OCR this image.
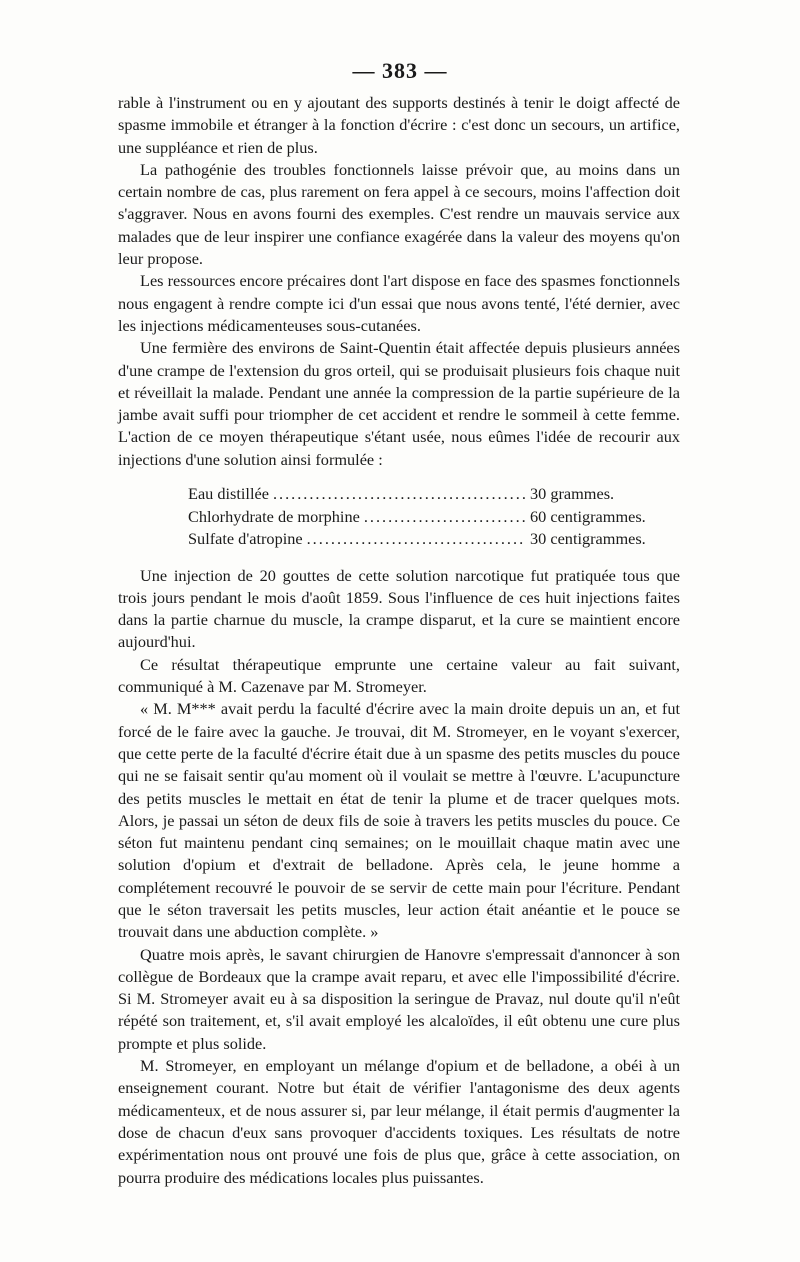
— 383 —

rable à l'instrument ou en y ajoutant des supports destinés à tenir le doigt affecté de spasme immobile et étranger à la fonction d'écrire : c'est donc un secours, un artifice, une suppléance et rien de plus.

La pathogénie des troubles fonctionnels laisse prévoir que, au moins dans un certain nombre de cas, plus rarement on fera appel à ce secours, moins l'affection doit s'aggraver. Nous en avons fourni des exemples. C'est rendre un mauvais service aux malades que de leur inspirer une confiance exagérée dans la valeur des moyens qu'on leur propose.

Les ressources encore précaires dont l'art dispose en face des spasmes fonctionnels nous engagent à rendre compte ici d'un essai que nous avons tenté, l'été dernier, avec les injections médicamenteuses sous-cutanées.

Une fermière des environs de Saint-Quentin était affectée depuis plusieurs années d'une crampe de l'extension du gros orteil, qui se produisait plusieurs fois chaque nuit et réveillait la malade. Pendant une année la compression de la partie supérieure de la jambe avait suffi pour triompher de cet accident et rendre le sommeil à cette femme. L'action de ce moyen thérapeutique s'étant usée, nous eûmes l'idée de recourir aux injections d'une solution ainsi formulée :

Eau distillée .....	30 grammes.
Chlorhydrate de morphine .....	60 centigrammes.
Sulfate d'atropine .....	30 centigrammes.

Une injection de 20 gouttes de cette solution narcotique fut pratiquée tous que trois jours pendant le mois d'août 1859. Sous l'influence de ces huit injections faites dans la partie charnue du muscle, la crampe disparut, et la cure se maintient encore aujourd'hui.

Ce résultat thérapeutique emprunte une certaine valeur au fait suivant, communiqué à M. Cazenave par M. Stromeyer.

« M. M*** avait perdu la faculté d'écrire avec la main droite depuis un an, et fut forcé de le faire avec la gauche. Je trouvai, dit M. Stromeyer, en le voyant s'exercer, que cette perte de la faculté d'écrire était due à un spasme des petits muscles du pouce qui ne se faisait sentir qu'au moment où il voulait se mettre à l'œuvre. L'acupuncture des petits muscles le mettait en état de tenir la plume et de tracer quelques mots. Alors, je passai un séton de deux fils de soie à travers les petits muscles du pouce. Ce séton fut maintenu pendant cinq semaines; on le mouillait chaque matin avec une solution d'opium et d'extrait de belladone. Après cela, le jeune homme a complétement recouvré le pouvoir de se servir de cette main pour l'écriture. Pendant que le séton traversait les petits muscles, leur action était anéantie et le pouce se trouvait dans une abduction complète. »

Quatre mois après, le savant chirurgien de Hanovre s'empressait d'annoncer à son collègue de Bordeaux que la crampe avait reparu, et avec elle l'impossibilité d'écrire. Si M. Stromeyer avait eu à sa disposition la seringue de Pravaz, nul doute qu'il n'eût répété son traitement, et, s'il avait employé les alcaloïdes, il eût obtenu une cure plus prompte et plus solide.

M. Stromeyer, en employant un mélange d'opium et de belladone, a obéi à un enseignement courant. Notre but était de vérifier l'antagonisme des deux agents médicamenteux, et de nous assurer si, par leur mélange, il était permis d'augmenter la dose de chacun d'eux sans provoquer d'accidents toxiques. Les résultats de notre expérimentation nous ont prouvé une fois de plus que, grâce à cette association, on pourra produire des médications locales plus puissantes.
